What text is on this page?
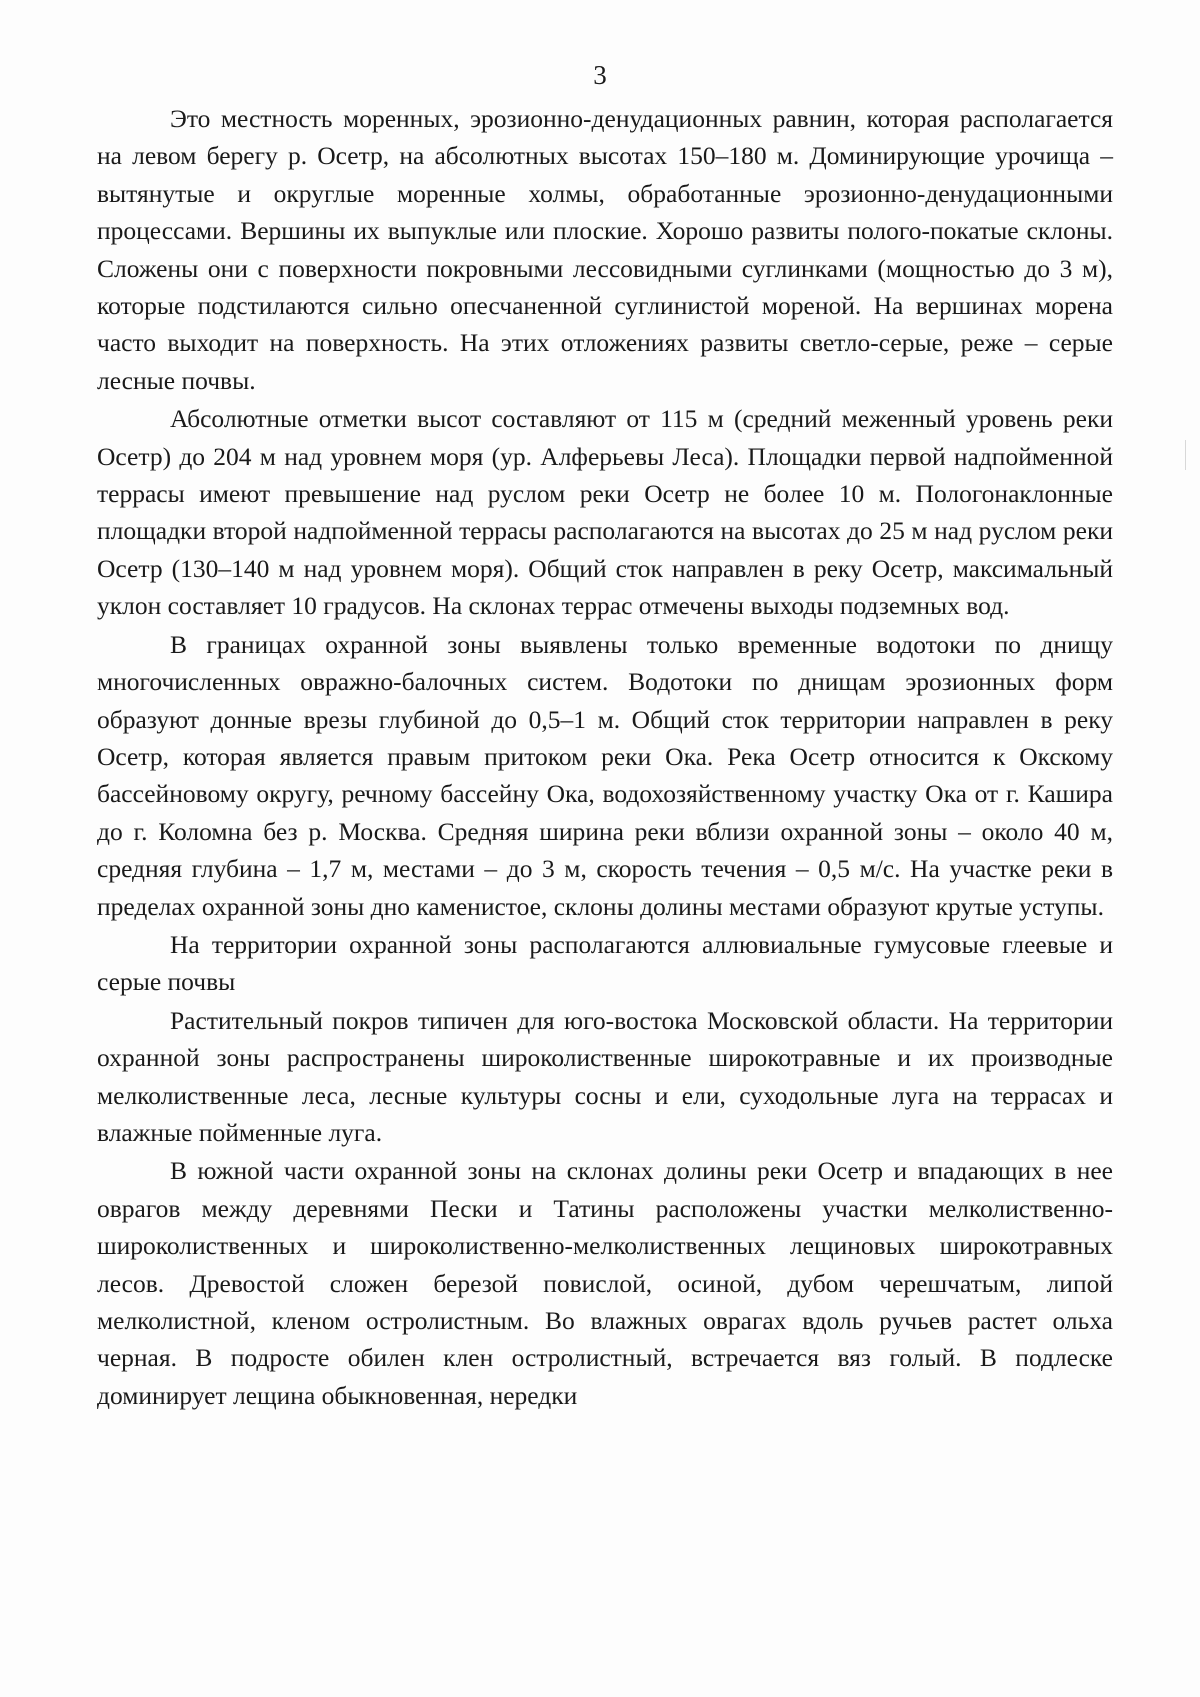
3

Это местность моренных, эрозионно-денудационных равнин, которая располагается на левом берегу р. Осетр, на абсолютных высотах 150–180 м. Доминирующие урочища – вытянутые и округлые моренные холмы, обработанные эрозионно-денудационными процессами. Вершины их выпуклые или плоские. Хорошо развиты полого-покатые склоны. Сложены они с поверхности покровными лессовидными суглинками (мощностью до 3 м), которые подстилаются сильно опесчаненной суглинистой мореной. На вершинах морена часто выходит на поверхность. На этих отложениях развиты светло-серые, реже – серые лесные почвы.

Абсолютные отметки высот составляют от 115 м (средний меженный уровень реки Осетр) до 204 м над уровнем моря (ур. Алферьевы Леса). Площадки первой надпойменной террасы имеют превышение над руслом реки Осетр не более 10 м. Пологонаклонные площадки второй надпойменной террасы располагаются на высотах до 25 м над руслом реки Осетр (130–140 м над уровнем моря). Общий сток направлен в реку Осетр, максимальный уклон составляет 10 градусов. На склонах террас отмечены выходы подземных вод.

В границах охранной зоны выявлены только временные водотоки по днищу многочисленных овражно-балочных систем. Водотоки по днищам эрозионных форм образуют донные врезы глубиной до 0,5–1 м. Общий сток территории направлен в реку Осетр, которая является правым притоком реки Ока. Река Осетр относится к Окскому бассейновому округу, речному бассейну Ока, водохозяйственному участку Ока от г. Кашира до г. Коломна без р. Москва. Средняя ширина реки вблизи охранной зоны – около 40 м, средняя глубина – 1,7 м, местами – до 3 м, скорость течения – 0,5 м/с. На участке реки в пределах охранной зоны дно каменистое, склоны долины местами образуют крутые уступы.

На территории охранной зоны располагаются аллювиальные гумусовые глеевые и серые почвы

Растительный покров типичен для юго-востока Московской области. На территории охранной зоны распространены широколиственные широкотравные и их производные мелколиственные леса, лесные культуры сосны и ели, суходольные луга на террасах и влажные пойменные луга.

В южной части охранной зоны на склонах долины реки Осетр и впадающих в нее оврагов между деревнями Пески и Татины расположены участки мелколиственно-широколиственных и широколиственно-мелколиственных лещиновых широкотравных лесов. Древостой сложен березой повислой, осиной, дубом черешчатым, липой мелколистной, кленом остролистным. Во влажных оврагах вдоль ручьев растет ольха черная. В подросте обилен клен остролистный, встречается вяз голый. В подлеске доминирует лещина обыкновенная, нередки
